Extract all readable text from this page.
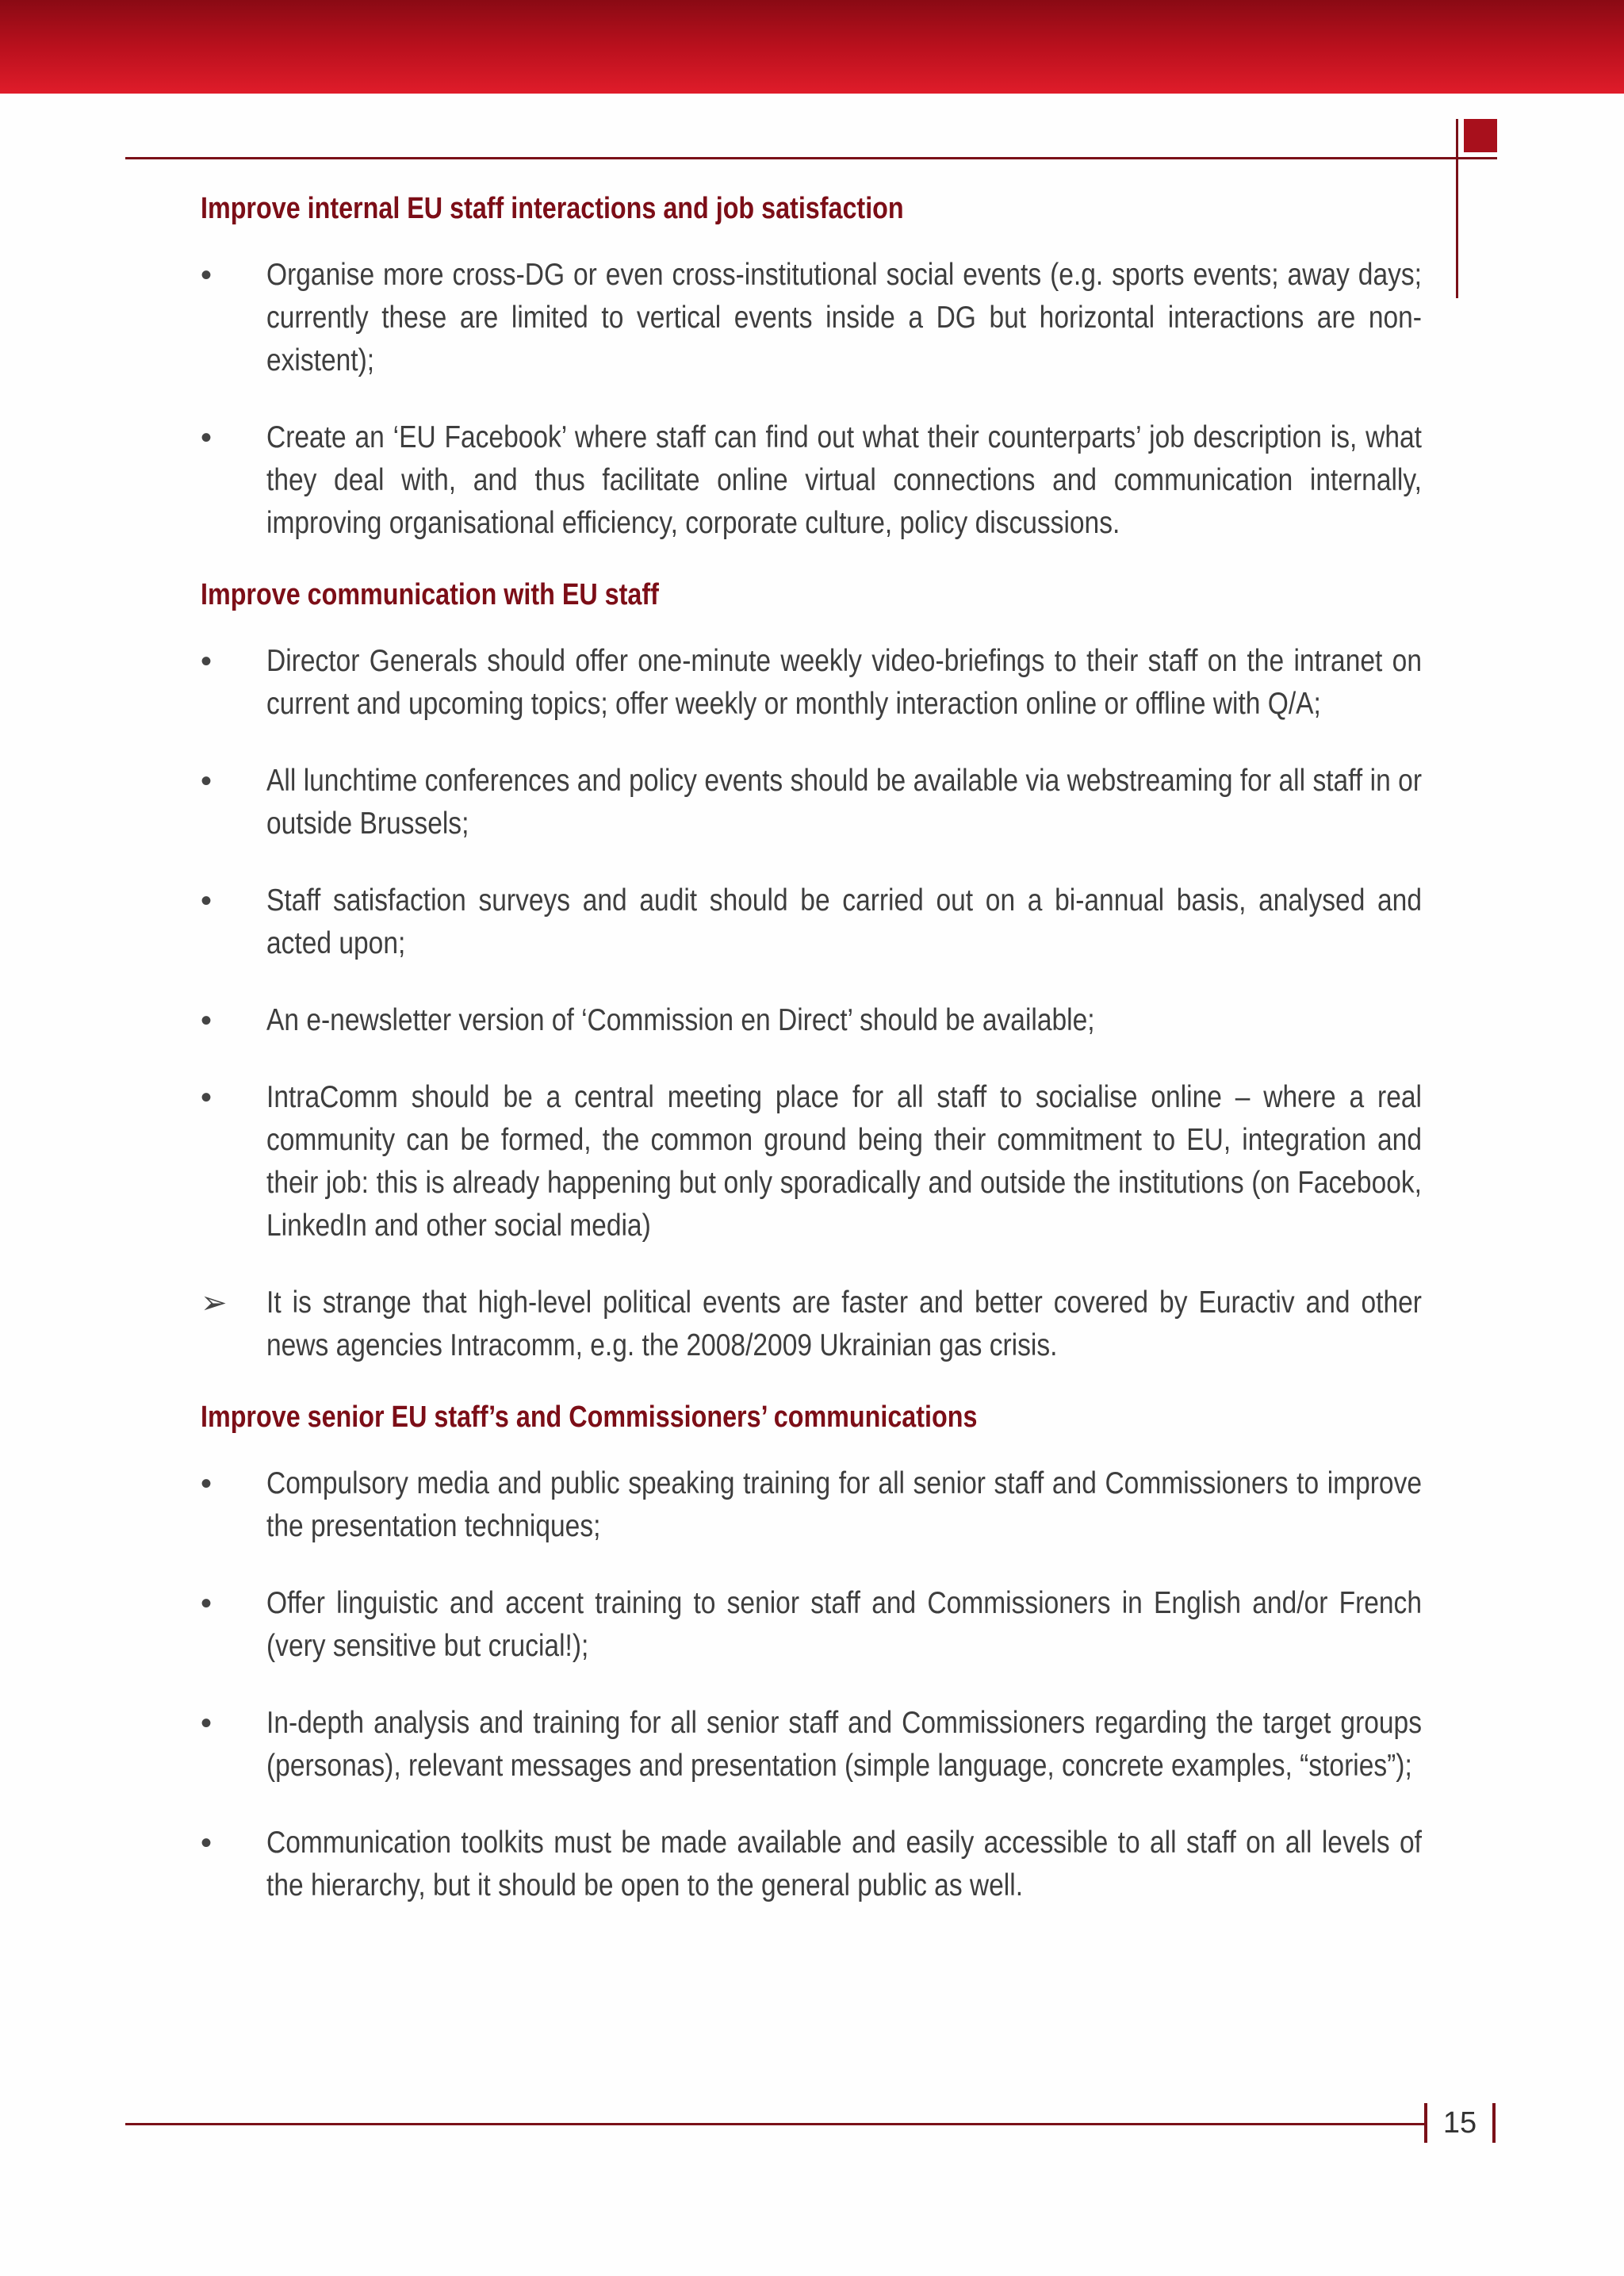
Improve internal EU staff interactions and job satisfaction
• Organise more cross-DG or even cross-institutional social events (e.g. sports events; away days; currently these are limited to vertical events inside a DG but horizontal interactions are non-existent);

• Create an ‘EU Facebook’ where staff can find out what their counterparts’ job description is, what they deal with, and thus facilitate online virtual connections and communication internally, improving organisational efficiency, corporate culture, policy discussions.

Improve communication with EU staff
• Director Generals should offer one-minute weekly video-briefings to their staff on the intranet on current and upcoming topics; offer weekly or monthly interaction online or offline with Q/A;

• All lunchtime conferences and policy events should be available via webstreaming for all staff in or outside Brussels;

• Staff satisfaction surveys and audit should be carried out on a bi-annual basis, analysed and acted upon;

• An e-newsletter version of ‘Commission en Direct’ should be available;

• IntraComm should be a central meeting place for all staff to socialise online – where a real community can be formed, the common ground being their commitment to EU, integration and their job: this is already happening but only sporadically and outside the institutions (on Facebook, LinkedIn and other social media)

➢ It is strange that high-level political events are faster and better covered by Euractiv and other news agencies Intracomm, e.g. the 2008/2009 Ukrainian gas crisis.

Improve senior EU staff’s and Commissioners’ communications
• Compulsory media and public speaking training for all senior staff and Commissioners to improve the presentation techniques;

• Offer linguistic and accent training to senior staff and Commissioners in English and/or French (very sensitive but crucial!);

• In-depth analysis and training for all senior staff and Commissioners regarding the target groups (personas), relevant messages and presentation (simple language, concrete examples, “stories”);

• Communication toolkits must be made available and easily accessible to all staff on all levels of the hierarchy, but it should be open to the general public as well.

15
